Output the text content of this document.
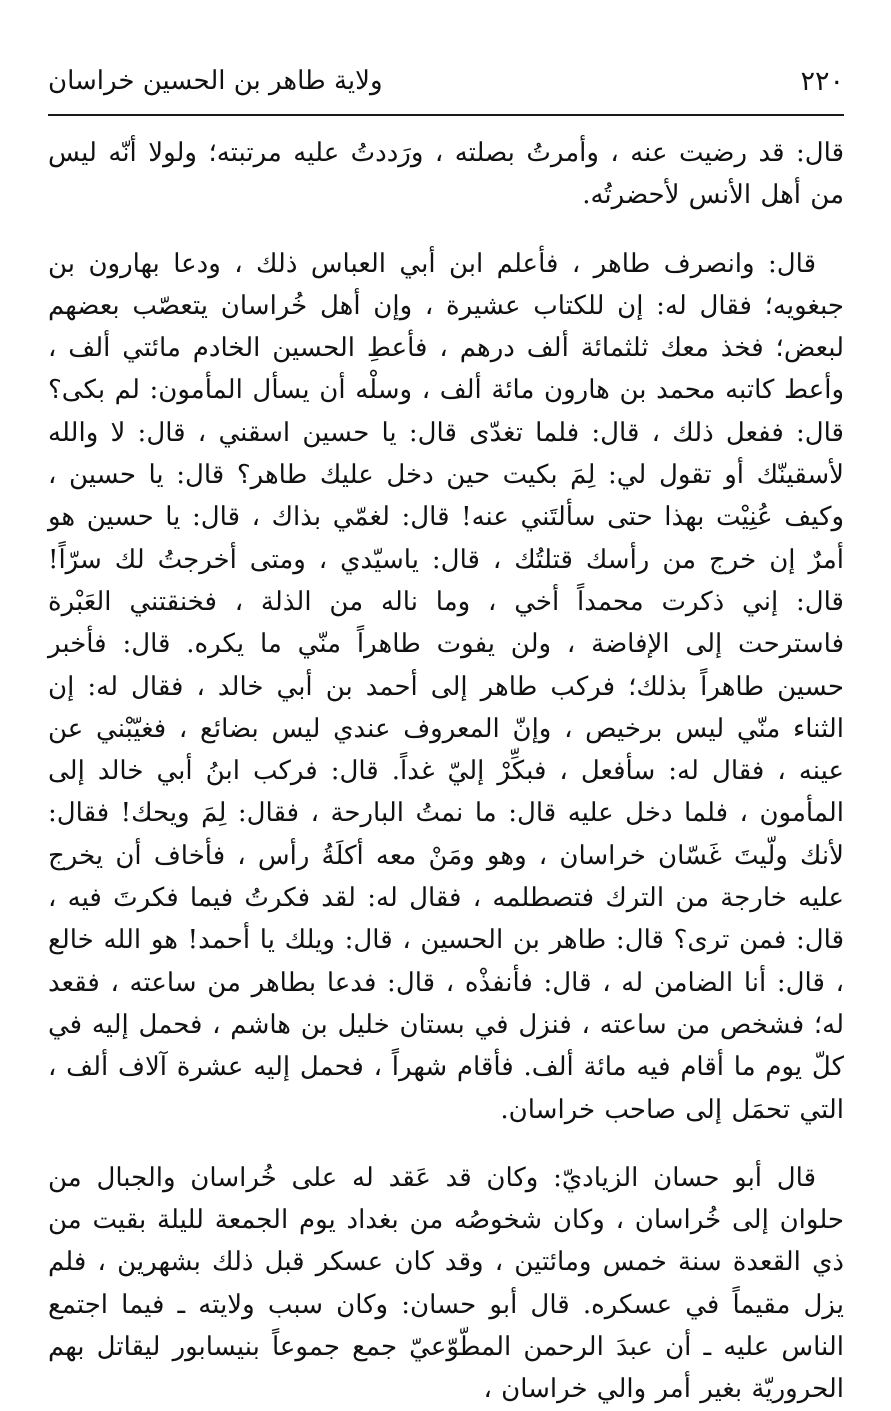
٢٢٠
ولاية طاهر بن الحسين خراسان

قال: قد رضيت عنه ، وأمرتُ بصلته ، ورَددتُ عليه مرتبته؛ ولولا أنّه ليس من أهل الأنس لأحضرتُه.

قال: وانصرف طاهر ، فأعلم ابن أبي العباس ذلك ، ودعا بهارون بن جبغويه؛ فقال له: إن للكتاب عشيرة ، وإن أهل خُراسان يتعصّب بعضهم لبعض؛ فخذ معك ثلثمائة ألف درهم ، فأعطِ الحسين الخادم مائتي ألف ، وأعط كاتبه محمد بن هارون مائة ألف ، وسلْه أن يسأل المأمون: لم بكى؟ قال: ففعل ذلك ، قال: فلما تغدّى قال: يا حسين اسقني ، قال: لا والله لأسقينّك أو تقول لي: لِمَ بكيت حين دخل عليك طاهر؟ قال: يا حسين ، وكيف عُنِيْت بهذا حتى سألتَني عنه! قال: لغمّي بذاك ، قال: يا حسين هو أمرٌ إن خرج من رأسك قتلتُك ، قال: ياسيّدي ، ومتى أخرجتُ لك سرّاً! قال: إني ذكرت محمداً أخي ، وما ناله من الذلة ، فخنقتني العَبْرة فاسترحت إلى الإفاضة ، ولن يفوت طاهراً منّي ما يكره. قال: فأخبر حسين طاهراً بذلك؛ فركب طاهر إلى أحمد بن أبي خالد ، فقال له: إن الثناء منّي ليس برخيص ، وإنّ المعروف عندي ليس بضائع ، فغيّبْني عن عينه ، فقال له: سأفعل ، فبكِّرْ إليّ غداً. قال: فركب ابنُ أبي خالد إلى المأمون ، فلما دخل عليه قال: ما نمتُ البارحة ، فقال: لِمَ ويحك! فقال: لأنك ولّيتَ غَسّان خراسان ، وهو ومَنْ معه أكلَةُ رأس ، فأخاف أن يخرج عليه خارجة من الترك فتصطلمه ، فقال له: لقد فكرتُ فيما فكرتَ فيه ، قال: فمن ترى؟ قال: طاهر بن الحسين ، قال: ويلك يا أحمد! هو الله خالع ، قال: أنا الضامن له ، قال: فأنفذْه ، قال: فدعا بطاهر من ساعته ، فقعد له؛ فشخص من ساعته ، فنزل في بستان خليل بن هاشم ، فحمل إليه في كلّ يوم ما أقام فيه مائة ألف. فأقام شهراً ، فحمل إليه عشرة آلاف ألف ، التي تحمَل إلى صاحب خراسان.

قال أبو حسان الزياديّ: وكان قد عَقد له على خُراسان والجبال من حلوان إلى خُراسان ، وكان شخوصُه من بغداد يوم الجمعة لليلة بقيت من ذي القعدة سنة خمس ومائتين ، وقد كان عسكر قبل ذلك بشهرين ، فلم يزل مقيماً في عسكره. قال أبو حسان: وكان سبب ولايته ـ فيما اجتمع الناس عليه ـ أن عبدَ الرحمن المطّوّعيّ جمع جموعاً بنيسابور ليقاتل بهم الحروريّة بغير أمر والي خراسان ،
